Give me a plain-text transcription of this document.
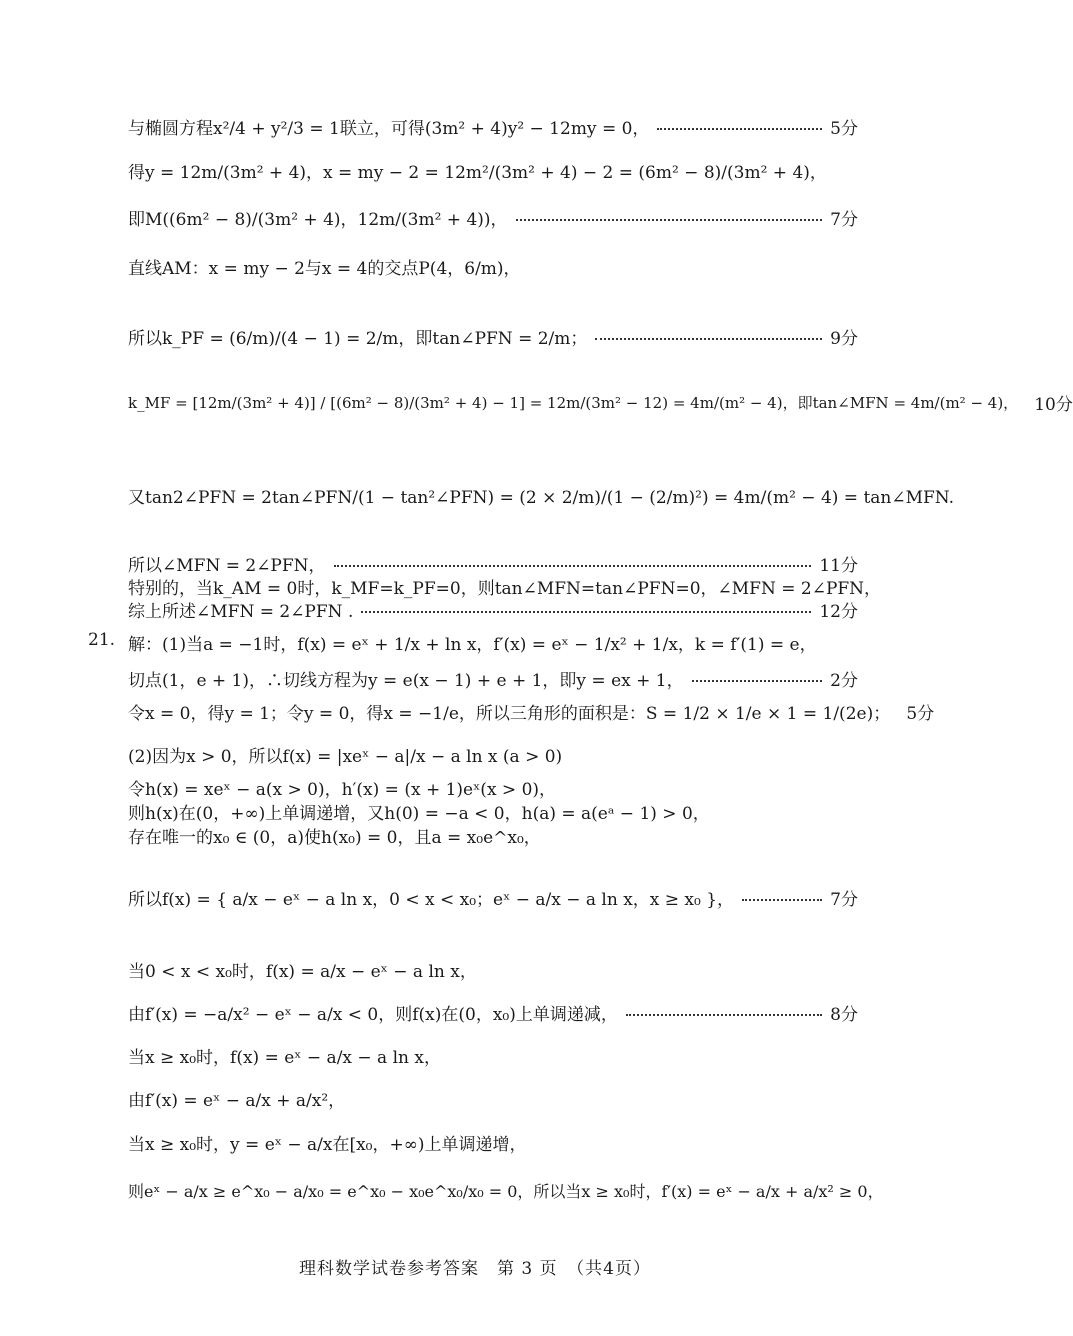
与椭圆方程x²/4 + y²/3 = 1联立，可得(3m² + 4)y² − 12my = 0，	5分
得y = 12m/(3m² + 4)，x = my − 2 = 12m²/(3m² + 4) − 2 = (6m² − 8)/(3m² + 4)，
即M((6m² − 8)/(3m² + 4)，12m/(3m² + 4))，	7分
直线AM：x = my − 2与x = 4的交点P(4，6/m)，
所以k_PF = (6/m)/(4 − 1) = 2/m，即tan∠PFN = 2/m；	9分
k_MF = [12m/(3m² + 4)] / [(6m² − 8)/(3m² + 4) − 1] = 12m/(3m² − 12) = 4m/(m² − 4)，即tan∠MFN = 4m/(m² − 4)， 10分
又tan2∠PFN = 2tan∠PFN/(1 − tan²∠PFN) = (2 × 2/m)/(1 − (2/m)²) = 4m/(m² − 4) = tan∠MFN.
所以∠MFN = 2∠PFN，	11分
特别的，当k_AM = 0时，k_MF=k_PF=0，则tan∠MFN=tan∠PFN=0，∠MFN = 2∠PFN，
综上所述∠MFN = 2∠PFN .	12分
21. 解：(1)当a = −1时，f(x) = eˣ + 1/x + ln x，f′(x) = eˣ − 1/x² + 1/x，k = f′(1) = e，
切点(1，e + 1)，∴切线方程为y = e(x − 1) + e + 1，即y = ex + 1，	2分
令x = 0，得y = 1；令y = 0，得x = −1/e，所以三角形的面积是：S = 1/2 × 1/e × 1 = 1/(2e)； 5分
(2)因为x > 0，所以f(x) = |xeˣ − a|/x − a ln x (a > 0)
令h(x) = xeˣ − a(x > 0)，h′(x) = (x + 1)eˣ(x > 0)，
则h(x)在(0，+∞)上单调递增，又h(0) = −a < 0，h(a) = a(eᵃ − 1) > 0，
存在唯一的x₀ ∈ (0，a)使h(x₀) = 0，且a = x₀e^x₀，
所以f(x) = { a/x − eˣ − a ln x，0 < x < x₀；eˣ − a/x − a ln x，x ≥ x₀ }，	7分
当0 < x < x₀时，f(x) = a/x − eˣ − a ln x，
由f′(x) = −a/x² − eˣ − a/x < 0，则f(x)在(0，x₀)上单调递减，	8分
当x ≥ x₀时，f(x) = eˣ − a/x − a ln x，
由f′(x) = eˣ − a/x + a/x²，
当x ≥ x₀时，y = eˣ − a/x在[x₀，+∞)上单调递增，
则eˣ − a/x ≥ e^x₀ − a/x₀ = e^x₀ − x₀e^x₀/x₀ = 0，所以当x ≥ x₀时，f′(x) = eˣ − a/x + a/x² ≥ 0，
理科数学试卷参考答案　第 3 页　（共4页）
